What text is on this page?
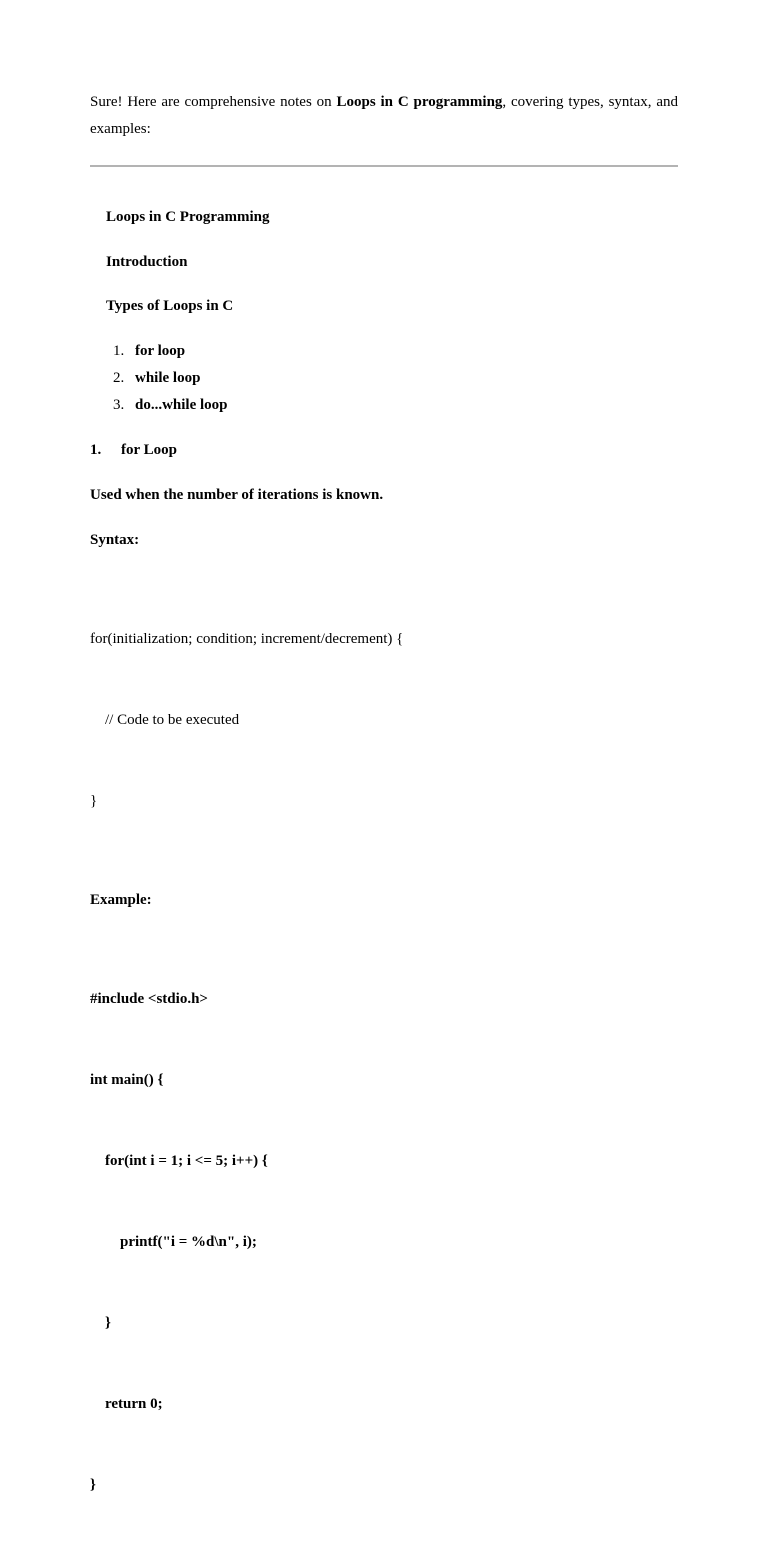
Sure! Here are comprehensive notes on Loops in C programming, covering types, syntax, and examples:

Loops in C Programming

Introduction

Types of Loops in C

1. for loop
2. while loop
3. do...while loop
1.	for Loop

Used when the number of iterations is known.

Syntax:

for(initialization; condition; increment/decrement) {

// Code to be executed

}

Example:

#include <stdio.h>

int main() {

for(int i = 1; i <= 5; i++) {

printf("i = %d\n", i);

}

return 0;

}
